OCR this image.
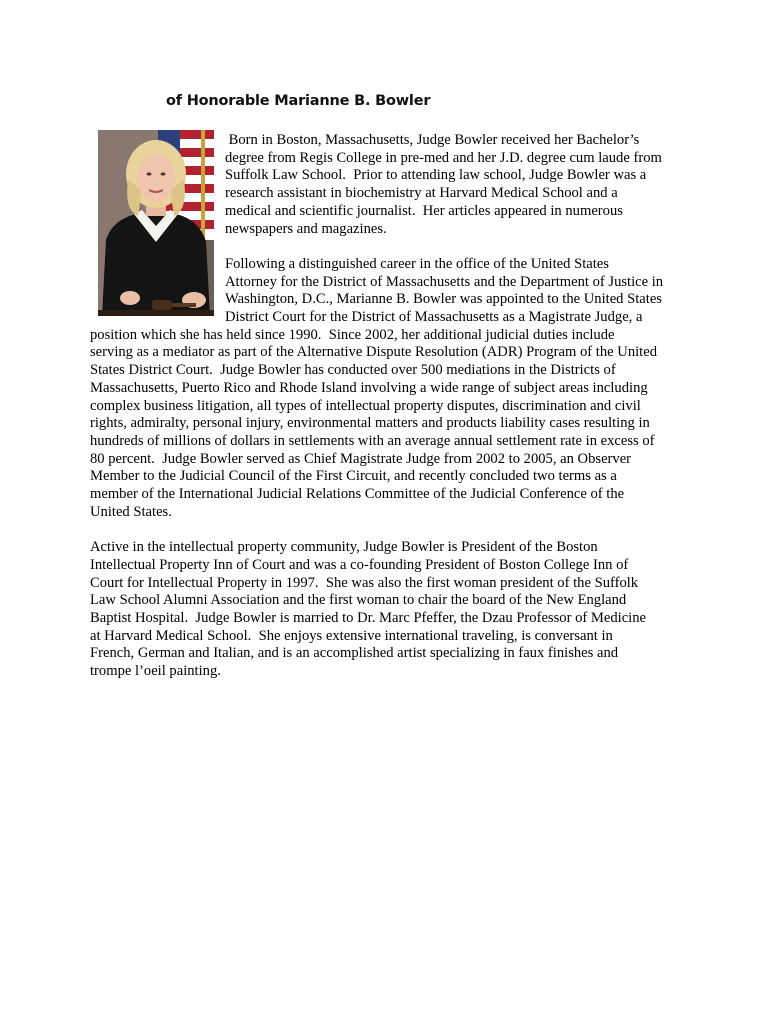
of Honorable Marianne B. Bowler

Born in Boston, Massachusetts, Judge Bowler received her Bachelor’s
degree from Regis College in pre-med and her J.D. degree cum laude from
Suffolk Law School.  Prior to attending law school, Judge Bowler was a
research assistant in biochemistry at Harvard Medical School and a
medical and scientific journalist.  Her articles appeared in numerous
newspapers and magazines.

Following a distinguished career in the office of the United States
Attorney for the District of Massachusetts and the Department of Justice in
Washington, D.C., Marianne B. Bowler was appointed to the United States
District Court for the District of Massachusetts as a Magistrate Judge, a
position which she has held since 1990.  Since 2002, her additional judicial duties include
serving as a mediator as part of the Alternative Dispute Resolution (ADR) Program of the United
States District Court.  Judge Bowler has conducted over 500 mediations in the Districts of
Massachusetts, Puerto Rico and Rhode Island involving a wide range of subject areas including
complex business litigation, all types of intellectual property disputes, discrimination and civil
rights, admiralty, personal injury, environmental matters and products liability cases resulting in
hundreds of millions of dollars in settlements with an average annual settlement rate in excess of
80 percent.  Judge Bowler served as Chief Magistrate Judge from 2002 to 2005, an Observer
Member to the Judicial Council of the First Circuit, and recently concluded two terms as a
member of the International Judicial Relations Committee of the Judicial Conference of the
United States.

Active in the intellectual property community, Judge Bowler is President of the Boston
Intellectual Property Inn of Court and was a co-founding President of Boston College Inn of
Court for Intellectual Property in 1997.  She was also the first woman president of the Suffolk
Law School Alumni Association and the first woman to chair the board of the New England
Baptist Hospital.  Judge Bowler is married to Dr. Marc Pfeffer, the Dzau Professor of Medicine
at Harvard Medical School.  She enjoys extensive international traveling, is conversant in
French, German and Italian, and is an accomplished artist specializing in faux finishes and
trompe l’oeil painting.
